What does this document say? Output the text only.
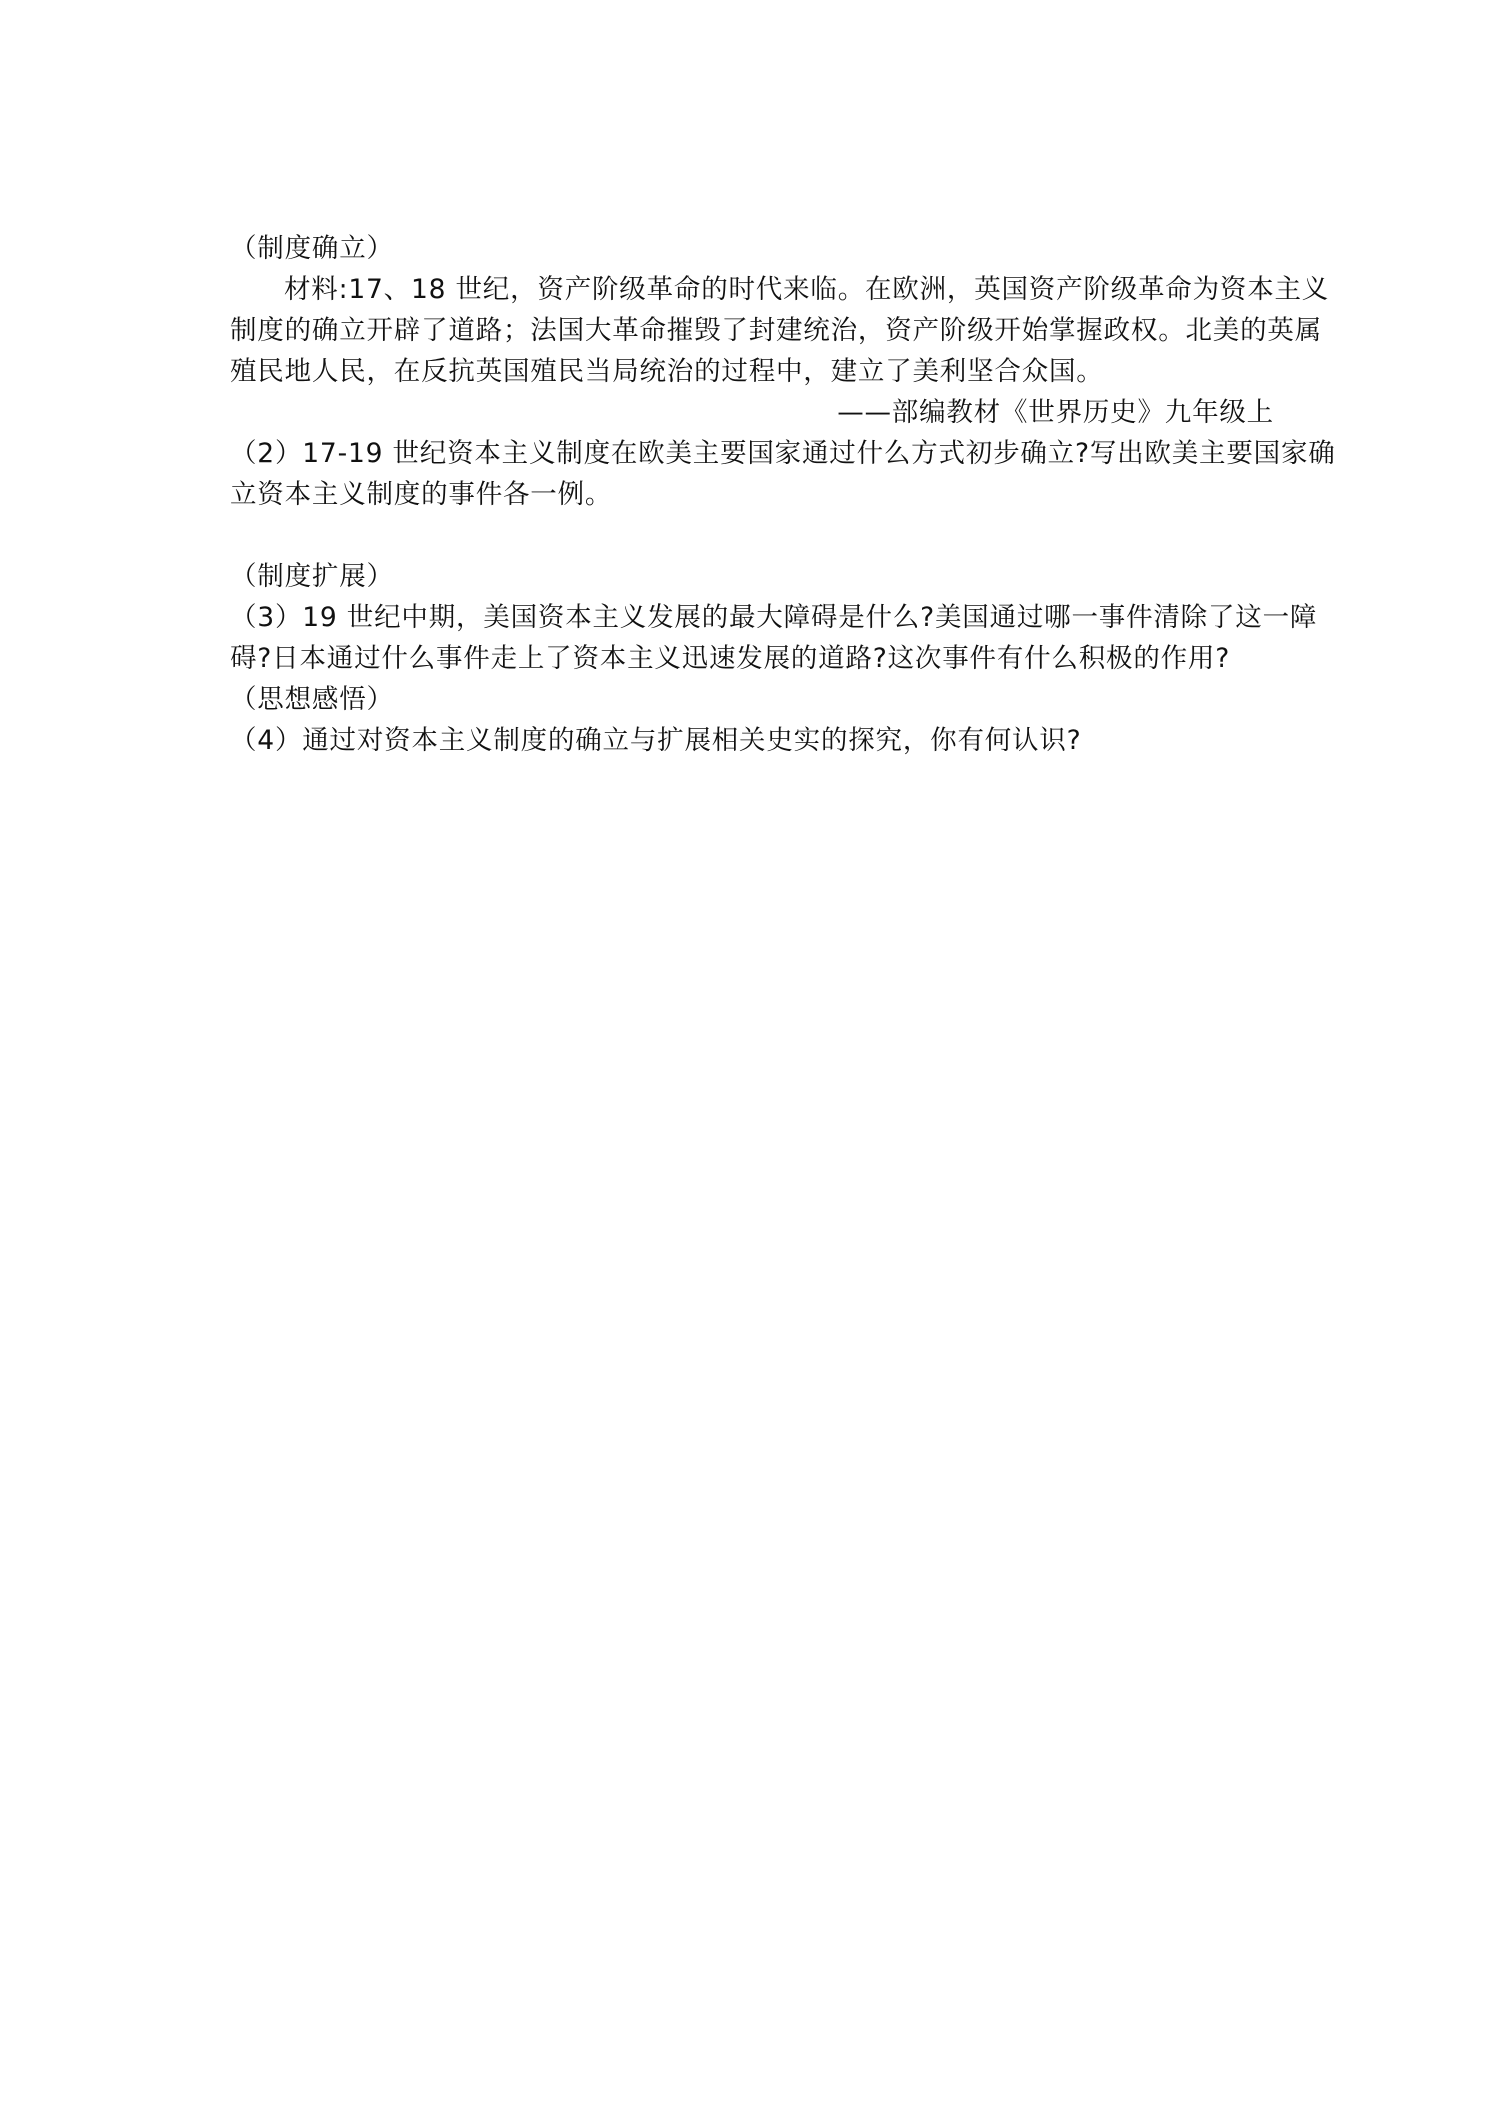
（制度确立）
材料:17、18 世纪，资产阶级革命的时代来临。在欧洲，英国资产阶级革命为资本主义
制度的确立开辟了道路；法国大革命摧毁了封建统治，资产阶级开始掌握政权。北美的英属
殖民地人民，在反抗英国殖民当局统治的过程中，建立了美利坚合众国。
——部编教材《世界历史》九年级上
（2）17-19 世纪资本主义制度在欧美主要国家通过什么方式初步确立?写出欧美主要国家确
立资本主义制度的事件各一例。
（制度扩展）
（3）19 世纪中期，美国资本主义发展的最大障碍是什么?美国通过哪一事件清除了这一障
碍?日本通过什么事件走上了资本主义迅速发展的道路?这次事件有什么积极的作用?
（思想感悟）
（4）通过对资本主义制度的确立与扩展相关史实的探究，你有何认识?
